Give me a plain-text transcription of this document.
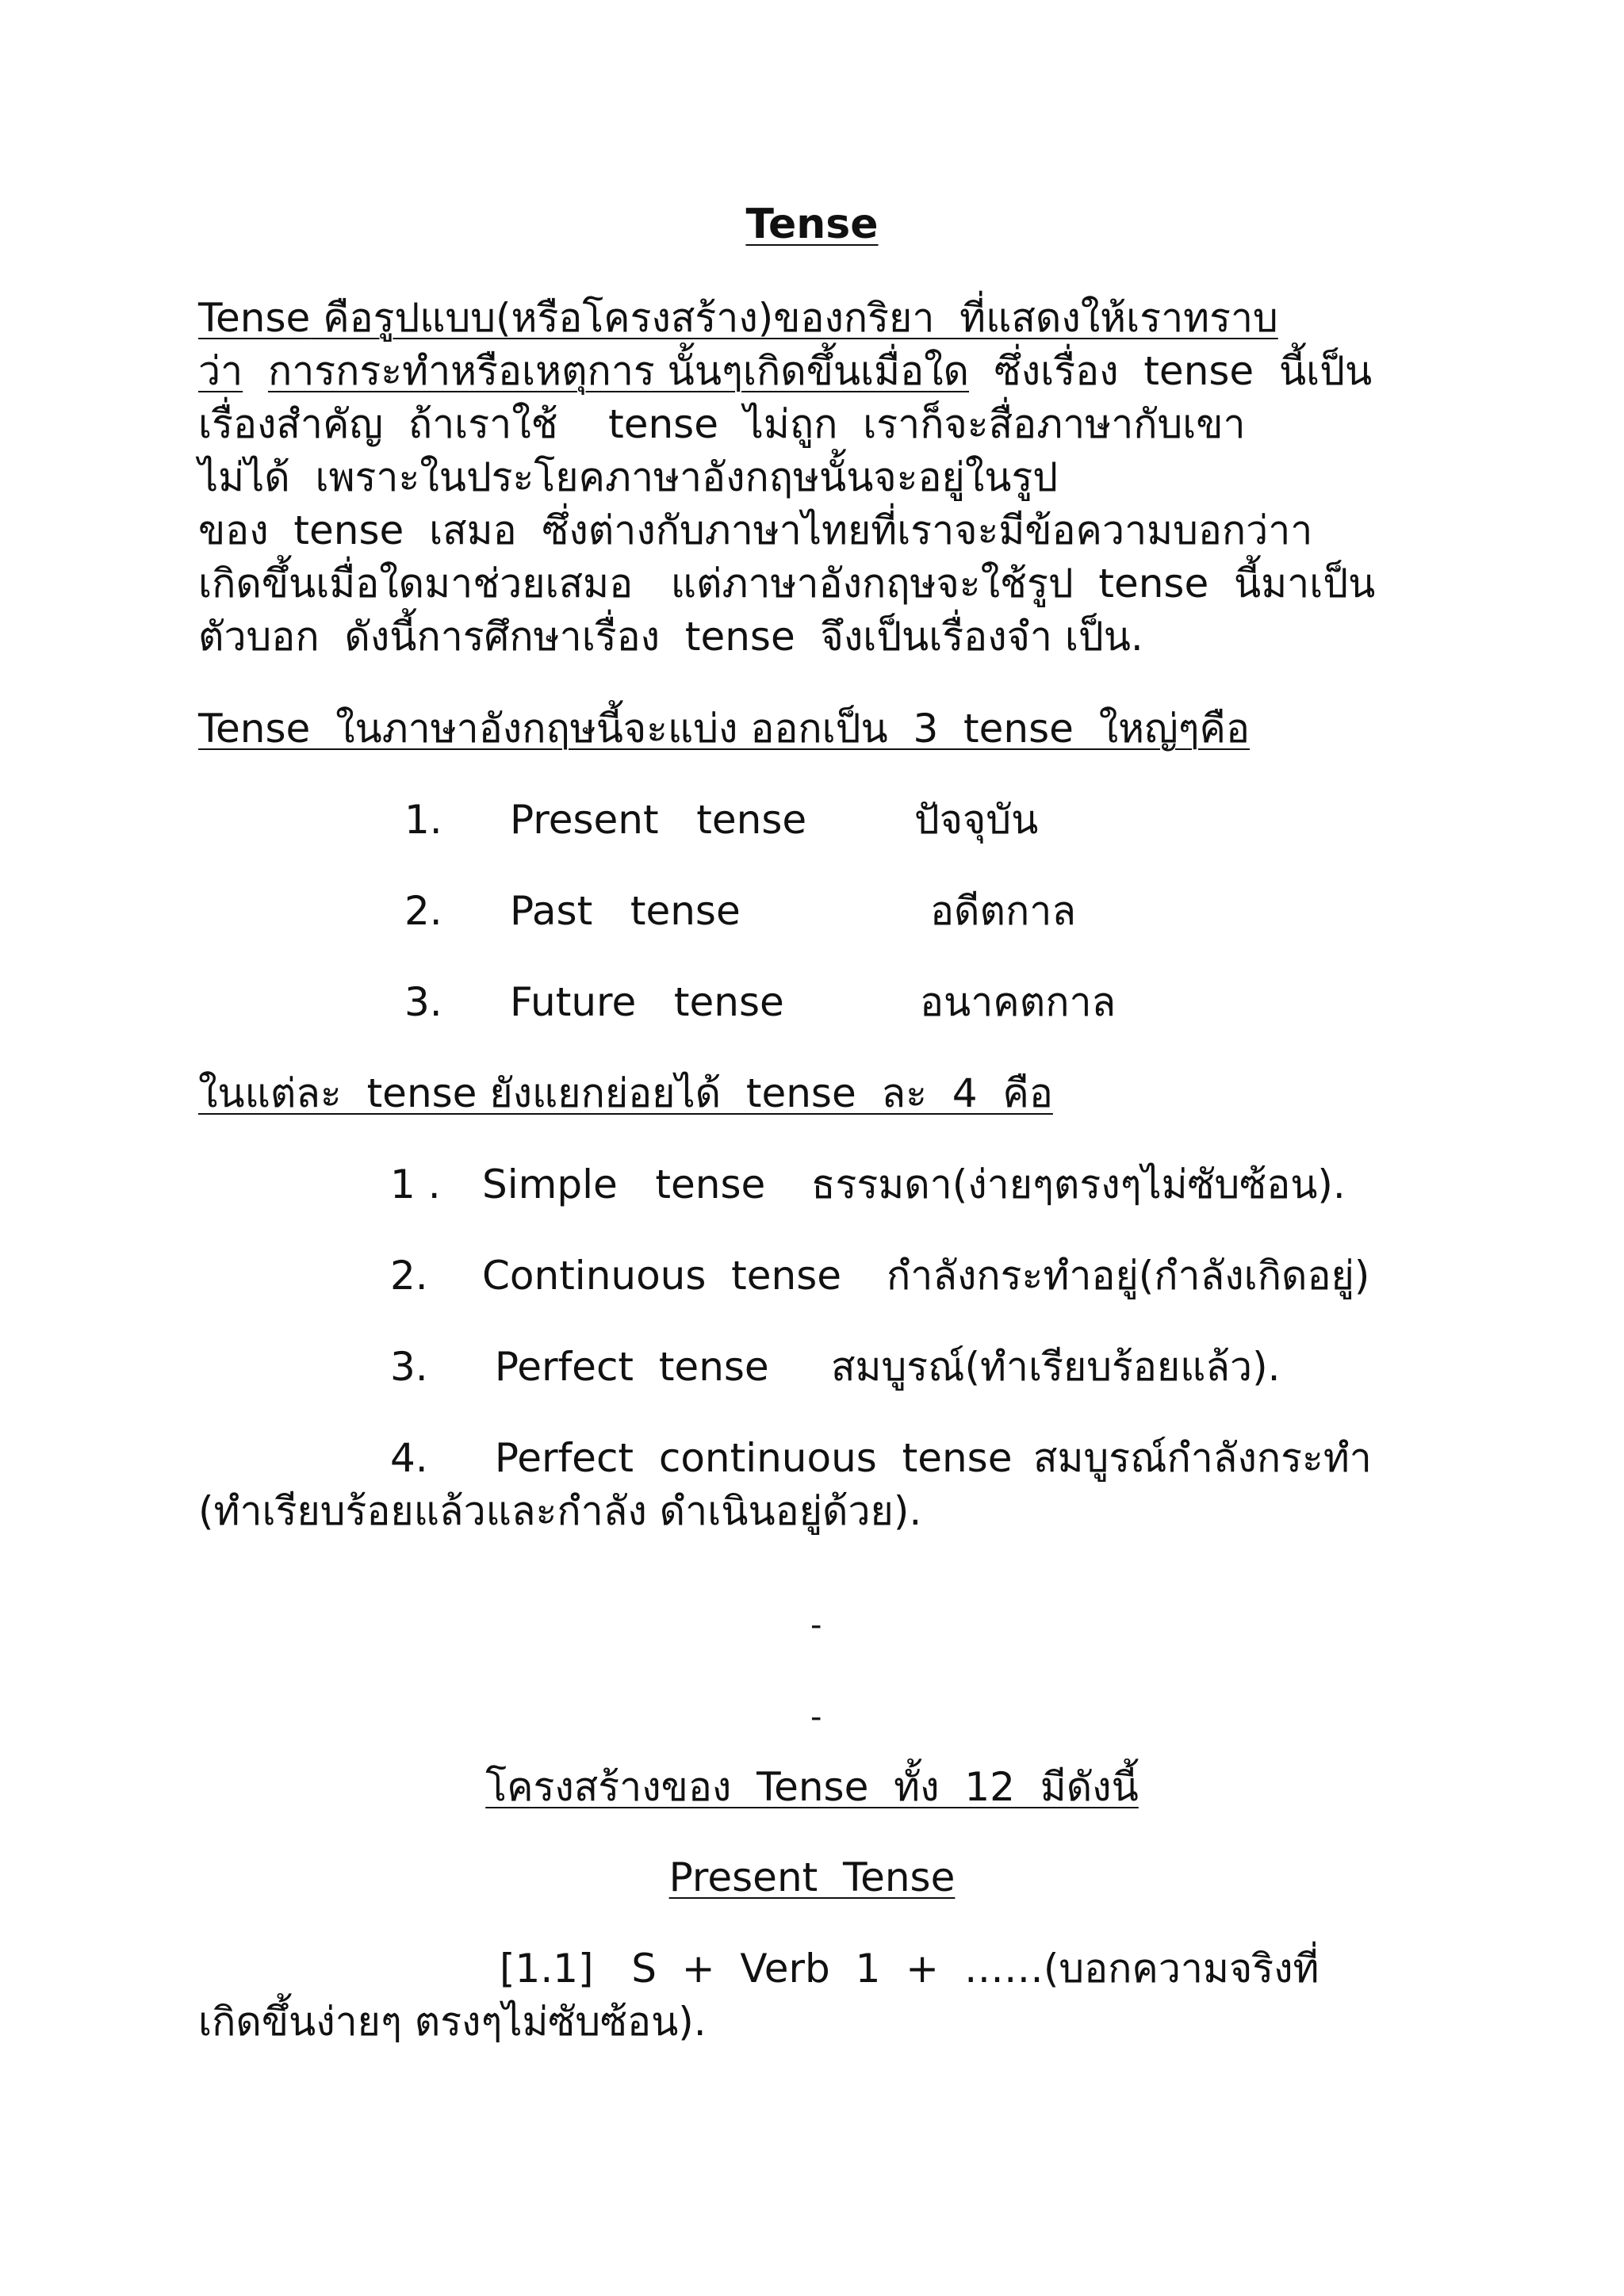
Tense
Tense คือรูปแบบ(หรือโครงสร้าง)ของกริยา  ที่แสดงให้เราทราบ
ว่า การกระทำหรือเหตุการ นั้นๆเกิดขึ้นเมื่อใด  ซึ่งเรื่อง  tense  นี้เป็น
เรื่องสำคัญ  ถ้าเราใช้    tense  ไม่ถูก  เราก็จะสื่อภาษากับเขา
ไม่ได้  เพราะในประโยคภาษาอังกฤษนั้นจะอยู่ในรูป
ของ  tense  เสมอ  ซึ่งต่างกับภาษาไทยที่เราจะมีข้อความบอกว่าา
เกิดขึ้นเมื่อใดมาช่วยเสมอ   แต่ภาษาอังกฤษจะใช้รูป  tense  นี้มาเป็น
ตัวบอก  ดังนี้การศึกษาเรื่อง  tense  จึงเป็นเรื่องจำ เป็น.
Tense  ในภาษาอังกฤษนี้จะแบ่ง ออกเป็น  3  tense  ใหญ่ๆคือ
1. Present   tense	ปัจจุบัน
2. Past   tense	อดีตกาล
3. Future   tense	อนาคตกาล
ในแต่ละ  tense ยังแยกย่อยได้  tense  ละ  4  คือ
1 . Simple   tense ธรรมดา(ง่ายๆตรงๆไม่ซับซ้อน).
2. Continuous  tense กำลังกระทำอยู่(กำลังเกิดอยู่)
3. Perfect  tense สมบูรณ์(ทำเรียบร้อยแล้ว).
4. Perfect  continuous  tense สมบูรณ์กำลังกระทำ
(ทำเรียบร้อยแล้วและกำลัง ดำเนินอยู่ด้วย).
-
-
โครงสร้างของ  Tense  ทั้ง  12  มีดังนี้
Present  Tense
[1.1]   S  +  Verb  1  +  ……(บอกความจริงที่
เกิดขึ้นง่ายๆ ตรงๆไม่ซับซ้อน).
